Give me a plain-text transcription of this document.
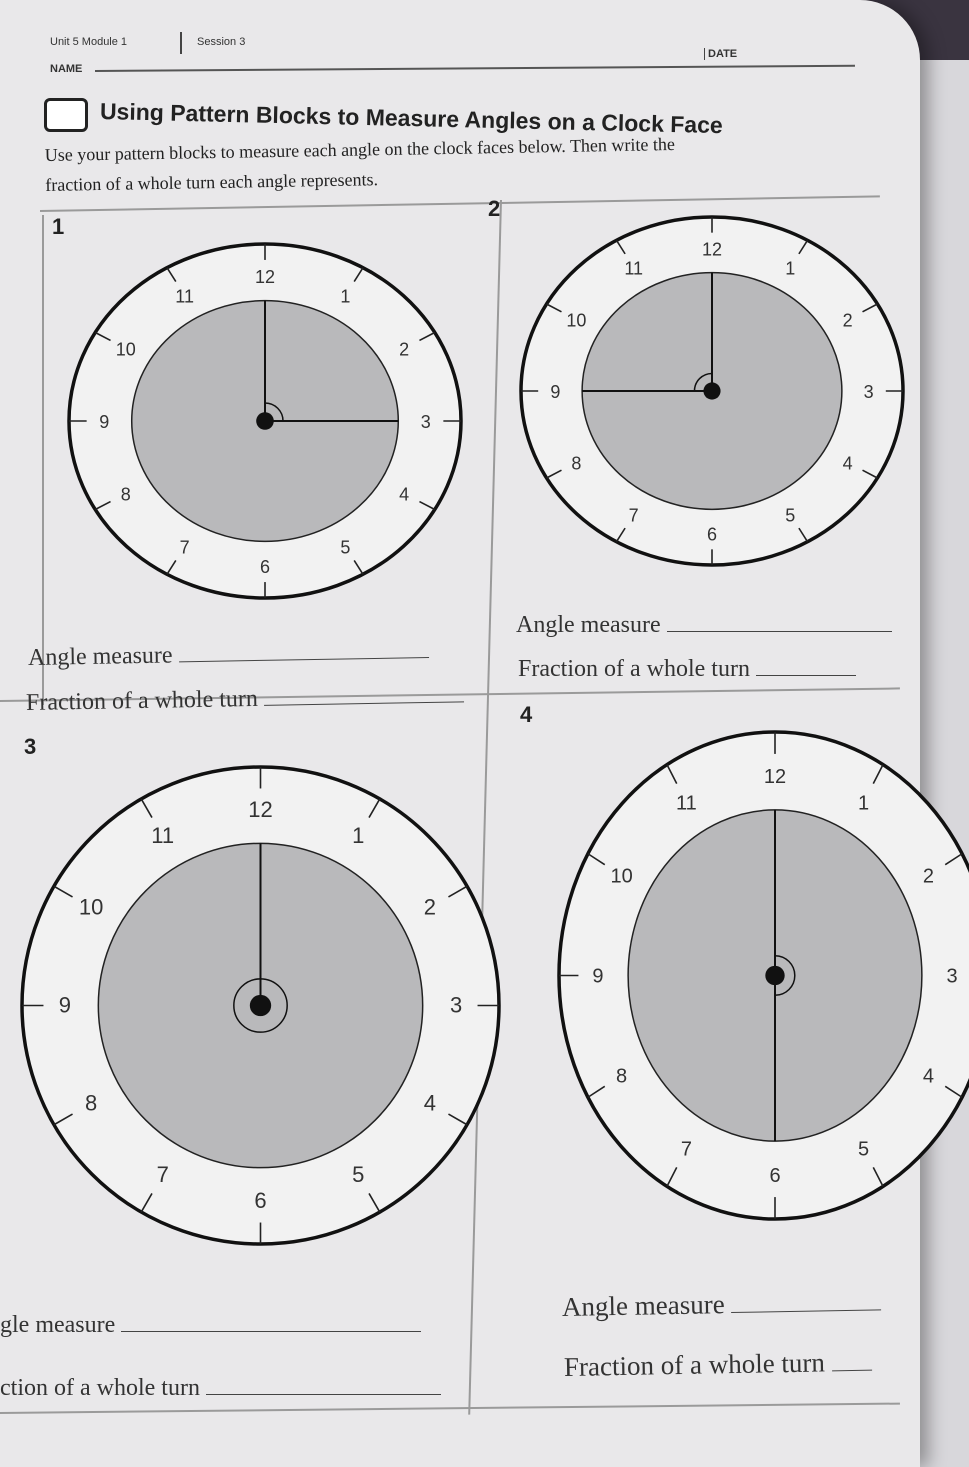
Unit 5 Module 1	Session 3
NAME
DATE
Using Pattern Blocks to Measure Angles on a Clock Face
Use your pattern blocks to measure each angle on the clock faces below. Then write the
fraction of a whole turn each angle represents.
1
2
3
4
12
1
2
3
4
5
6
7
8
9
10
11
12
1
2
3
4
5
6
7
8
9
10
11
12
1
2
3
4
5
6
7
8
9
10
11
12
1
2
3
4
5
6
7
8
9
10
11
Angle measure
Fraction of a whole turn
Angle measure
Fraction of a whole turn
gle measure
ction of a whole turn
Angle measure
Fraction of a whole turn
